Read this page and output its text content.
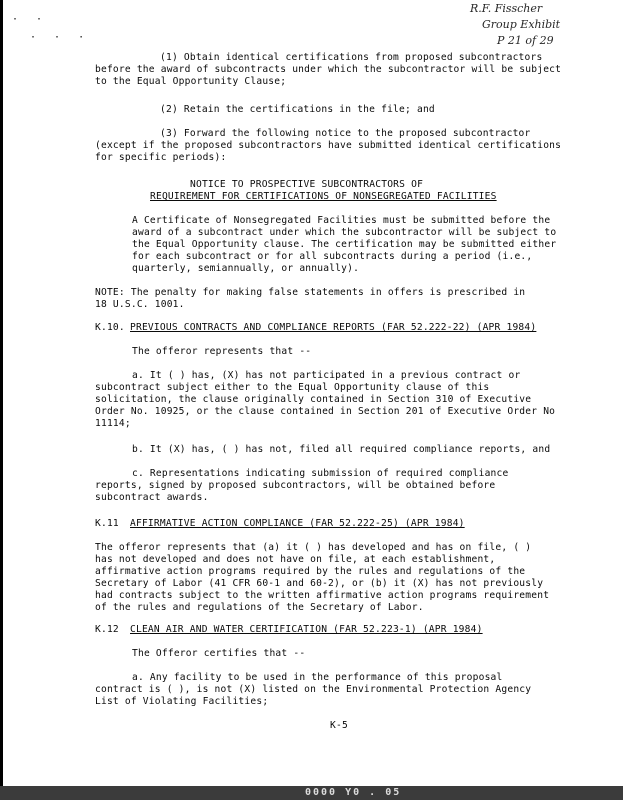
R.F. Fisscher
Group Exhibit
P 21 of 29
· ·
· · ·
(1) Obtain identical certifications from proposed subcontractors
before the award of subcontracts under which the subcontractor will be subject
to the Equal Opportunity Clause;
(2) Retain the certifications in the file; and
(3) Forward the following notice to the proposed subcontractor
(except if the proposed subcontractors have submitted identical certifications
for specific periods):
NOTICE TO PROSPECTIVE SUBCONTRACTORS OF
REQUIREMENT FOR CERTIFICATIONS OF NONSEGREGATED FACILITIES
A Certificate of Nonsegregated Facilities must be submitted before the
award of a subcontract under which the subcontractor will be subject to
the Equal Opportunity clause. The certification may be submitted either
for each subcontract or for all subcontracts during a period (i.e.,
quarterly, semiannually, or annually).
NOTE: The penalty for making false statements in offers is prescribed in
18 U.S.C. 1001.
K.10. PREVIOUS CONTRACTS AND COMPLIANCE REPORTS (FAR 52.222-22) (APR 1984)
The offeror represents that --
a. It ( ) has, (X) has not participated in a previous contract or
subcontract subject either to the Equal Opportunity clause of this
solicitation, the clause originally contained in Section 310 of Executive
Order No. 10925, or the clause contained in Section 201 of Executive Order No
11114;
b. It (X) has, ( ) has not, filed all required compliance reports, and
c. Representations indicating submission of required compliance
reports, signed by proposed subcontractors, will be obtained before
subcontract awards.
K.11 AFFIRMATIVE ACTION COMPLIANCE (FAR 52.222-25) (APR 1984)
The offeror represents that (a) it ( ) has developed and has on file, ( )
has not developed and does not have on file, at each establishment,
affirmative action programs required by the rules and regulations of the
Secretary of Labor (41 CFR 60-1 and 60-2), or (b) it (X) has not previously
had contracts subject to the written affirmative action programs requirement
of the rules and regulations of the Secretary of Labor.
K.12 CLEAN AIR AND WATER CERTIFICATION (FAR 52.223-1) (APR 1984)
The Offeror certifies that --
a. Any facility to be used in the performance of this proposal
contract is ( ), is not (X) listed on the Environmental Protection Agency
List of Violating Facilities;
K-5
0000 Y0 . 05
